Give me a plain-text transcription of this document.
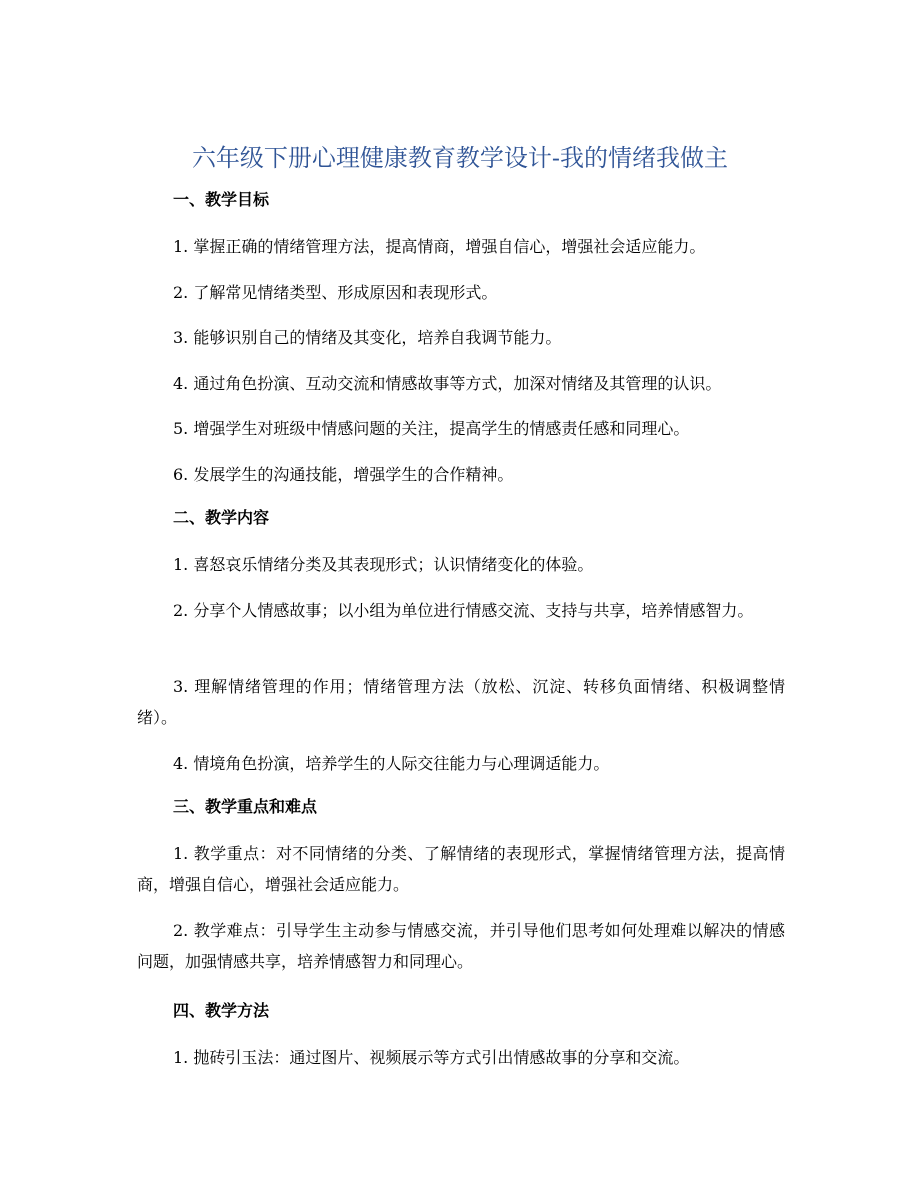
六年级下册心理健康教育教学设计-我的情绪我做主
一、教学目标
1. 掌握正确的情绪管理方法，提高情商，增强自信心，增强社会适应能力。
2. 了解常见情绪类型、形成原因和表现形式。
3. 能够识别自己的情绪及其变化，培养自我调节能力。
4. 通过角色扮演、互动交流和情感故事等方式，加深对情绪及其管理的认识。
5. 增强学生对班级中情感问题的关注，提高学生的情感责任感和同理心。
6. 发展学生的沟通技能，增强学生的合作精神。
二、教学内容
1. 喜怒哀乐情绪分类及其表现形式；认识情绪变化的体验。
2. 分享个人情感故事；以小组为单位进行情感交流、支持与共享，培养情感智力。
3. 理解情绪管理的作用；情绪管理方法（放松、沉淀、转移负面情绪、积极调整情绪）。
4. 情境角色扮演，培养学生的人际交往能力与心理调适能力。
三、教学重点和难点
1. 教学重点：对不同情绪的分类、了解情绪的表现形式，掌握情绪管理方法，提高情商，增强自信心，增强社会适应能力。
2. 教学难点：引导学生主动参与情感交流，并引导他们思考如何处理难以解决的情感问题，加强情感共享，培养情感智力和同理心。
四、教学方法
1. 抛砖引玉法：通过图片、视频展示等方式引出情感故事的分享和交流。
